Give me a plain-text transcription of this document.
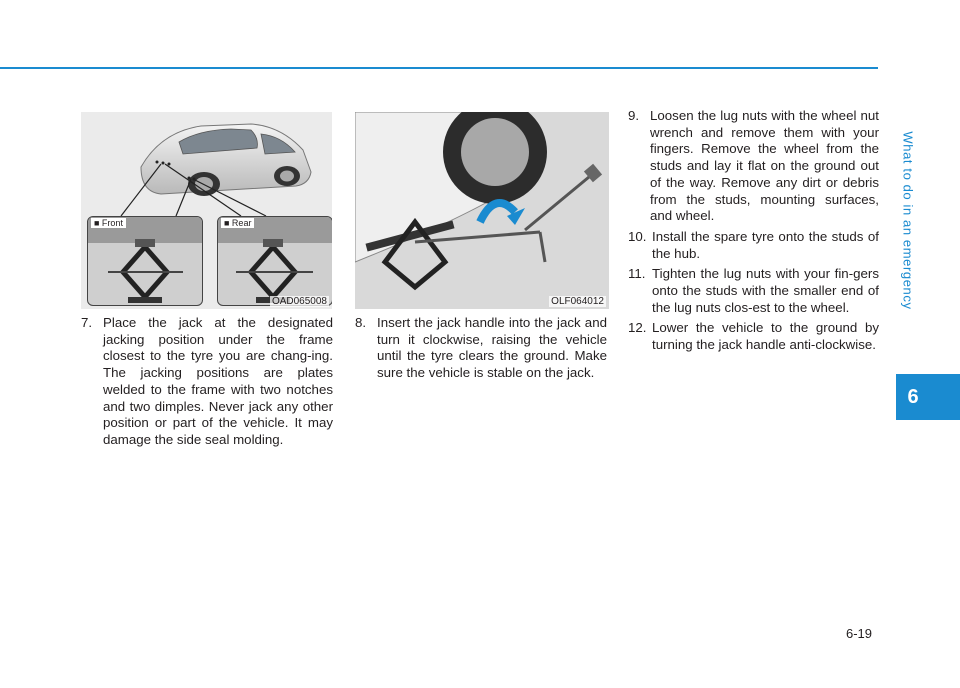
What to do in an emergency
6
■ Front	■ Rear
OAD065008	OLF064012
7. Place the jack at the designated jacking position under the frame closest to the tyre you are chang-ing. The jacking positions are plates welded to the frame with two notches and two dimples. Never jack any other position or part of the vehicle. It may damage the side seal molding.
8. Insert the jack handle into the jack and turn it clockwise, raising the vehicle until the tyre clears the ground. Make sure the vehicle is stable on the jack.
9. Loosen the lug nuts with the wheel nut wrench and remove them with your fingers. Remove the wheel from the studs and lay it flat on the ground out of the way. Remove any dirt or debris from the studs, mounting surfaces, and wheel.
10. Install the spare tyre onto the studs of the hub.
11. Tighten the lug nuts with your fin-gers onto the studs with the smaller end of the lug nuts clos-est to the wheel.
12. Lower the vehicle to the ground by turning the jack handle anti-clockwise.
6-19
